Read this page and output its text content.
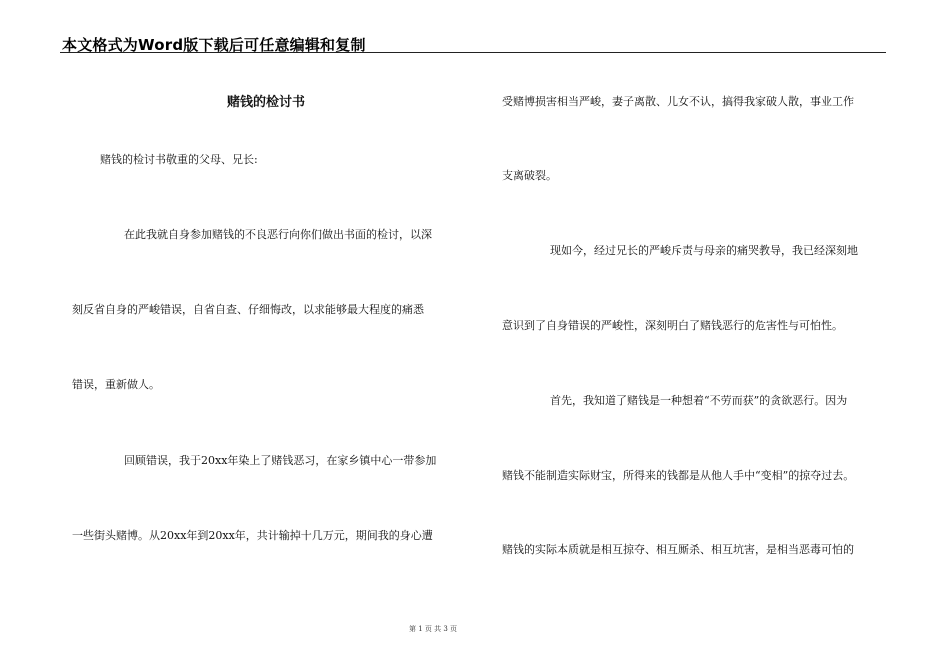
本文格式为Word版下载后可任意编辑和复制
赌钱的检讨书

赌钱的检讨书敬重的父母、兄长:

在此我就自身参加赌钱的不良恶行向你们做出书面的检讨，以深

刻反省自身的严峻错误，自省自查、仔细悔改，以求能够最大程度的痛悉

错误，重新做人。

回顾错误，我于20xx年染上了赌钱恶习，在家乡镇中心一带参加

一些街头赌博。从20xx年到20xx年，共计输掉十几万元，期间我的身心遭

受赌博损害相当严峻，妻子离散、儿女不认，搞得我家破人散，事业工作

支离破裂。

现如今，经过兄长的严峻斥责与母亲的痛哭教导，我已经深刻地

意识到了自身错误的严峻性，深刻明白了赌钱恶行的危害性与可怕性。

首先，我知道了赌钱是一种想着“不劳而获”的贪欲恶行。因为

赌钱不能制造实际财宝，所得来的钱都是从他人手中“变相”的掠夺过去。

赌钱的实际本质就是相互掠夺、相互厮杀、相互坑害，是相当恶毒可怕的

第 1 页 共 3 页
